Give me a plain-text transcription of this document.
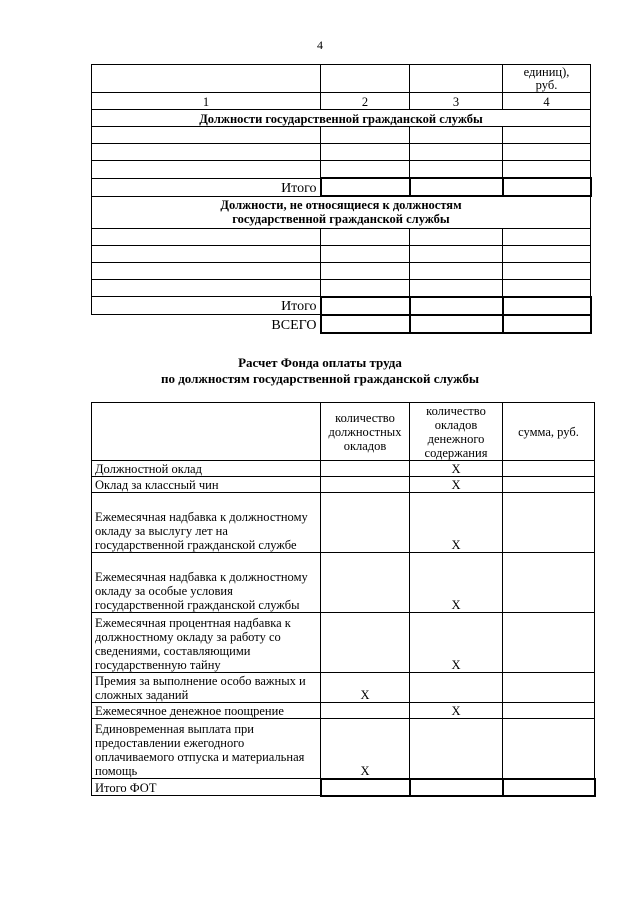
4
			единиц),
руб.
1	2	3	4
Должности государственной гражданской службы			

Итого			
Должности, не относящиеся к должностям государственной гражданской службы			

Итого			
ВСЕГО			
Расчет Фонда оплаты труда
по должностям государственной гражданской службы
	количество должностных окладов	количество окладов денежного содержания	сумма, руб.
Должностной оклад		X	
Оклад за классный чин		X	
Ежемесячная надбавка к должностному окладу за выслугу лет на государственной гражданской службе		X	
Ежемесячная надбавка к должностному окладу за особые условия государственной гражданской службы		X	
Ежемесячная процентная надбавка к должностному окладу за работу со сведениями, составляющими государственную тайну		X	
Премия за выполнение особо важных и сложных заданий	X		
Ежемесячное денежное поощрение		X	
Единовременная выплата при предоставлении ежегодного оплачиваемого отпуска и материальная помощь	X		
Итого ФОТ			
